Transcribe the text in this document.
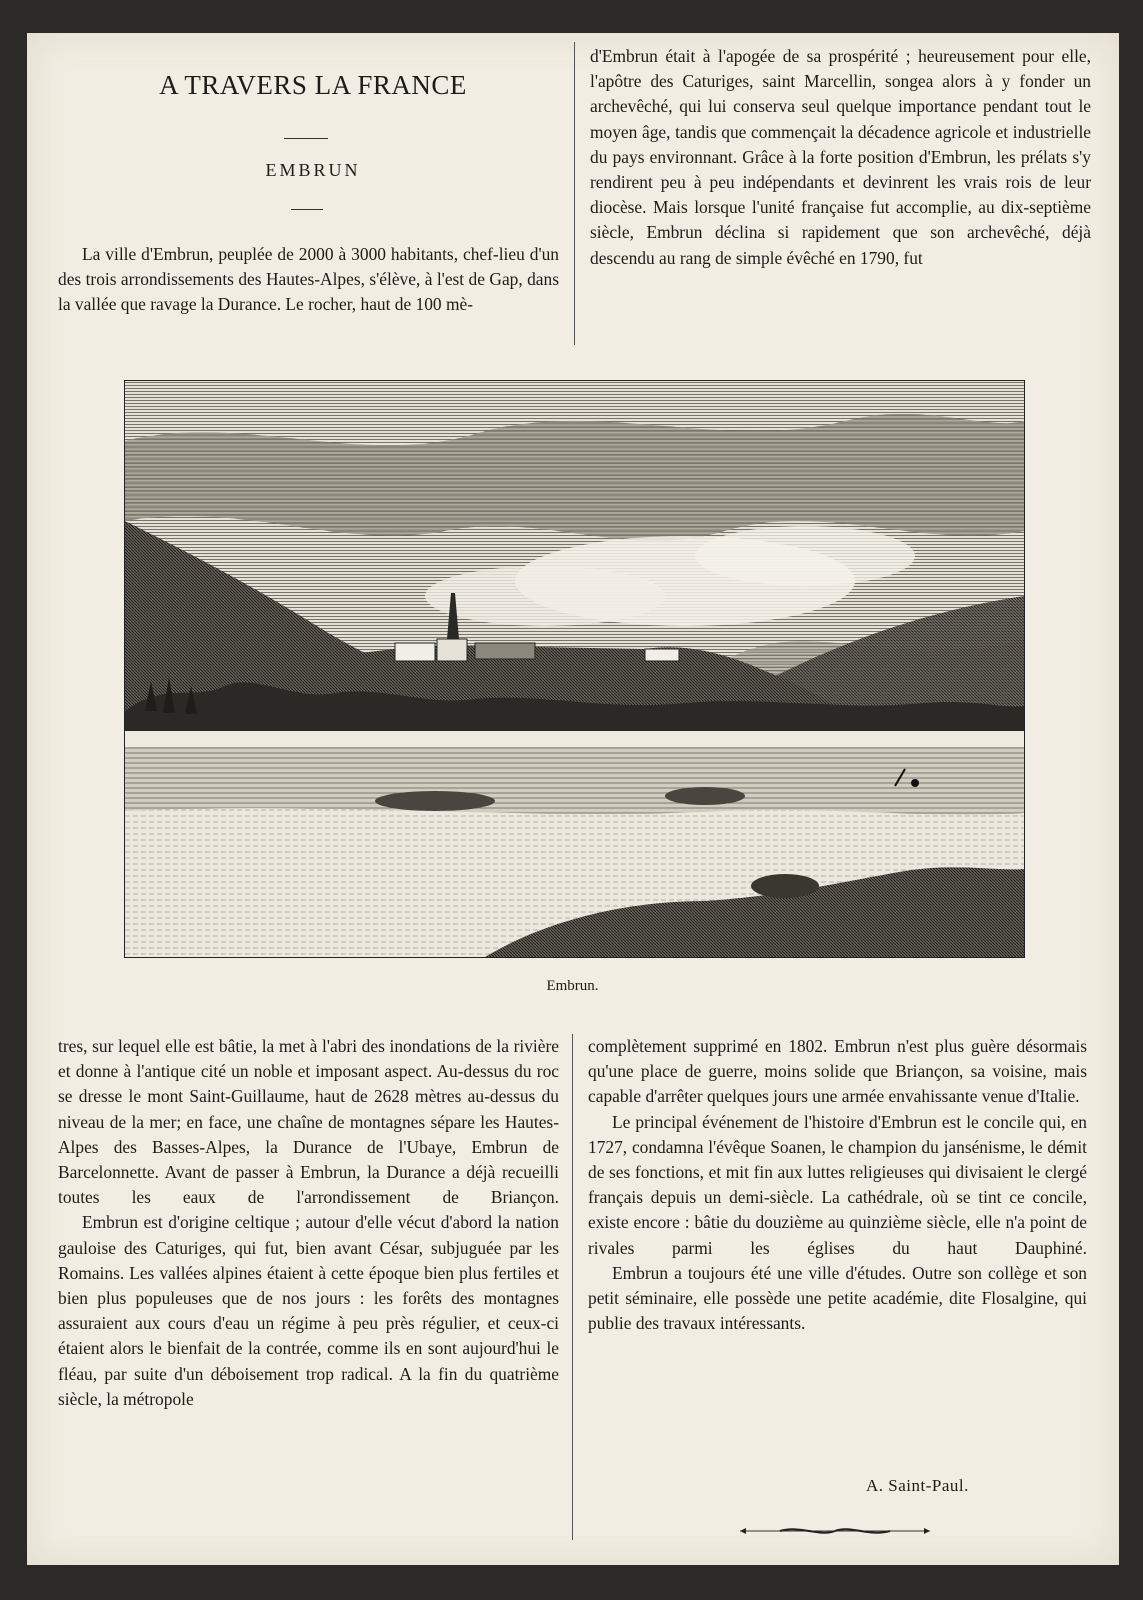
A TRAVERS LA FRANCE
EMBRUN

La ville d'Embrun, peuplée de 2000 à 3000 habitants, chef-lieu d'un des trois arrondissements des Hautes-Alpes, s'élève, à l'est de Gap, dans la vallée que ravage la Durance. Le rocher, haut de 100 mè-

d'Embrun était à l'apogée de sa prospérité ; heureusement pour elle, l'apôtre des Caturiges, saint Marcellin, songea alors à y fonder un archevêché, qui lui conserva seul quelque importance pendant tout le moyen âge, tandis que commençait la décadence agricole et industrielle du pays environnant. Grâce à la forte position d'Embrun, les prélats s'y rendirent peu à peu indépendants et devinrent les vrais rois de leur diocèse. Mais lorsque l'unité française fut accomplie, au dix-septième siècle, Embrun déclina si rapidement que son archevêché, déjà descendu au rang de simple évêché en 1790, fut

Embrun.

tres, sur lequel elle est bâtie, la met à l'abri des inondations de la rivière et donne à l'antique cité un noble et imposant aspect. Au-dessus du roc se dresse le mont Saint-Guillaume, haut de 2628 mètres au-dessus du niveau de la mer; en face, une chaîne de montagnes sépare les Hautes-Alpes des Basses-Alpes, la Durance de l'Ubaye, Embrun de Barcelonnette. Avant de passer à Embrun, la Durance a déjà recueilli toutes les eaux de l'arrondissement de Briançon.

Embrun est d'origine celtique ; autour d'elle vécut d'abord la nation gauloise des Caturiges, qui fut, bien avant César, subjuguée par les Romains. Les vallées alpines étaient à cette époque bien plus fertiles et bien plus populeuses que de nos jours : les forêts des montagnes assuraient aux cours d'eau un régime à peu près régulier, et ceux-ci étaient alors le bienfait de la contrée, comme ils en sont aujourd'hui le fléau, par suite d'un déboisement trop radical. A la fin du quatrième siècle, la métropole

complètement supprimé en 1802. Embrun n'est plus guère désormais qu'une place de guerre, moins solide que Briançon, sa voisine, mais capable d'arrêter quelques jours une armée envahissante venue d'Italie.

Le principal événement de l'histoire d'Embrun est le concile qui, en 1727, condamna l'évêque Soanen, le champion du jansénisme, le démit de ses fonctions, et mit fin aux luttes religieuses qui divisaient le clergé français depuis un demi-siècle. La cathédrale, où se tint ce concile, existe encore : bâtie du douzième au quinzième siècle, elle n'a point de rivales parmi les églises du haut Dauphiné.

Embrun a toujours été une ville d'études. Outre son collège et son petit séminaire, elle possède une petite académie, dite Flosalgine, qui publie des travaux intéressants.

A. Saint-Paul.
